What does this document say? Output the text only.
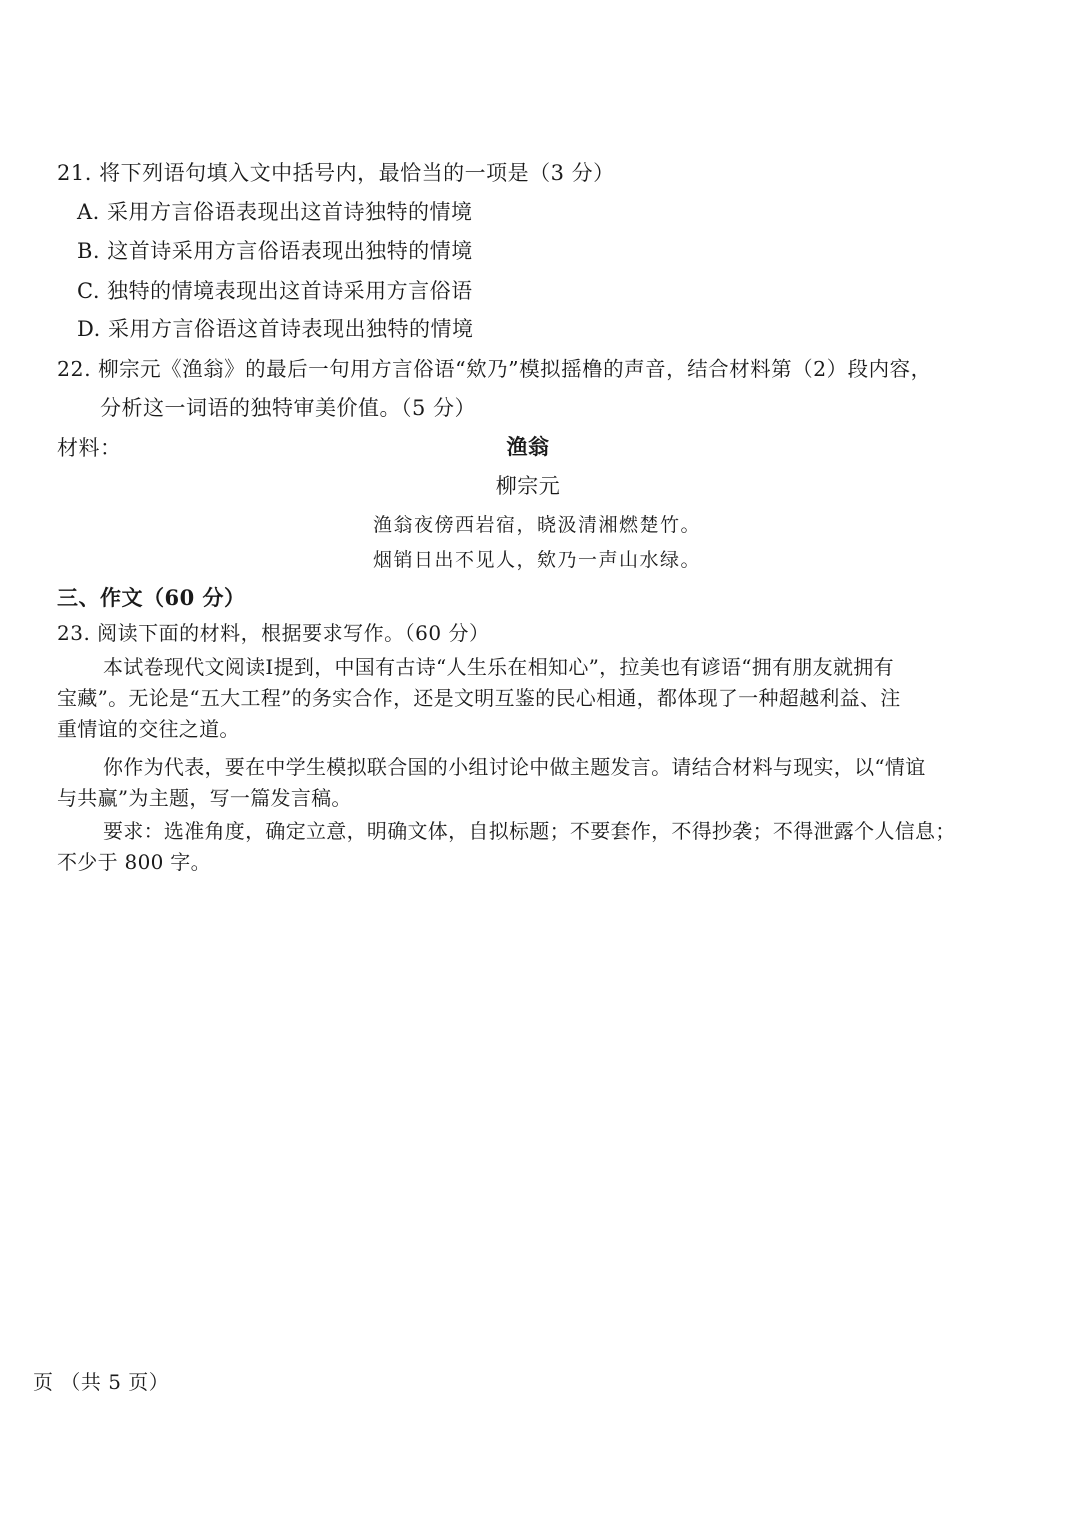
21. 将下列语句填入文中括号内，最恰当的一项是（3 分）
A. 采用方言俗语表现出这首诗独特的情境
B. 这首诗采用方言俗语表现出独特的情境
C. 独特的情境表现出这首诗采用方言俗语
D. 采用方言俗语这首诗表现出独特的情境
22. 柳宗元《渔翁》的最后一句用方言俗语“欸乃”模拟摇橹的声音，结合材料第（2）段内容，
分析这一词语的独特审美价值。（5 分）
材料：	渔翁
柳宗元
渔翁夜傍西岩宿，晓汲清湘燃楚竹。
烟销日出不见人，欸乃一声山水绿。
三、作文（60 分）
23. 阅读下面的材料，根据要求写作。（60 分）
本试卷现代文阅读Ⅰ提到，中国有古诗“人生乐在相知心”，拉美也有谚语“拥有朋友就拥有
宝藏”。无论是“五大工程”的务实合作，还是文明互鉴的民心相通，都体现了一种超越利益、注
重情谊的交往之道。
你作为代表，要在中学生模拟联合国的小组讨论中做主题发言。请结合材料与现实，以“情谊
与共赢”为主题，写一篇发言稿。
要求：选准角度，确定立意，明确文体，自拟标题；不要套作，不得抄袭；不得泄露个人信息；
不少于 800 字。
页 （共 5 页）
